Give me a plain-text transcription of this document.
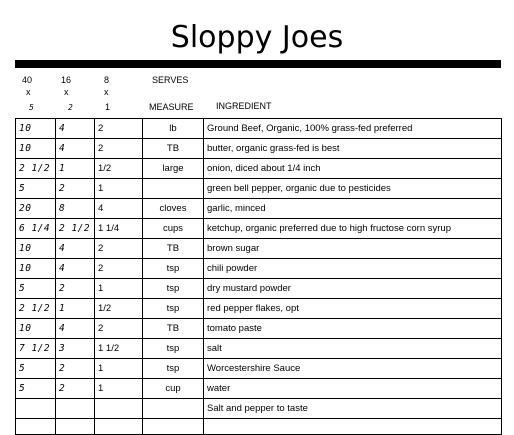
Sloppy Joes
40	16	8	SERVES
x	x	x
5	2	1	MEASURE INGREDIENT
10	4	2	lb	Ground Beef, Organic, 100% grass-fed preferred
10	4	2	TB	butter, organic grass-fed is best
2 1/2	1	1/2	large	onion, diced about 1/4 inch
5	2	1		green bell pepper, organic due to pesticides
20	8	4	cloves	garlic, minced
6 1/4	2 1/2	1 1/4	cups	ketchup, organic preferred due to high fructose corn syrup
10	4	2	TB	brown sugar
10	4	2	tsp	chili powder
5	2	1	tsp	dry mustard powder
2 1/2	1	1/2	tsp	red pepper flakes, opt
10	4	2	TB	tomato paste
7 1/2	3	1 1/2	tsp	salt
5	2	1	tsp	Worcestershire Sauce
5	2	1	cup	water
				Salt and pepper to taste
